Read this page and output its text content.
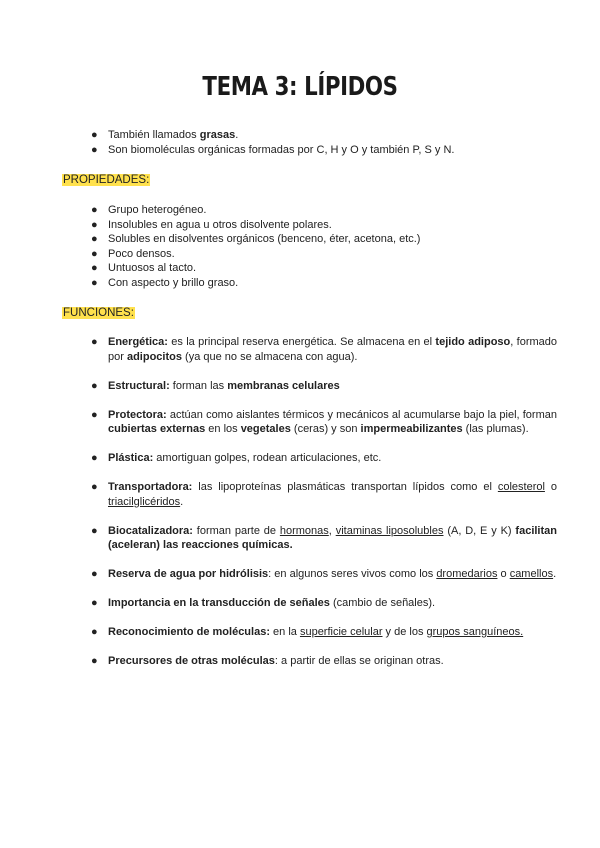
TEMA 3: LÍPIDOS
● También llamados grasas.
● Son biomoléculas orgánicas formadas por C, H y O y también P, S y N.
PROPIEDADES:
● Grupo heterogéneo.
● Insolubles en agua u otros disolvente polares.
● Solubles en disolventes orgánicos (benceno, éter, acetona, etc.)
● Poco densos.
● Untuosos al tacto.
● Con aspecto y brillo graso.
FUNCIONES:
● Energética: es la principal reserva energética. Se almacena en el tejido adiposo, formado por adipocitos (ya que no se almacena con agua).
● Estructural: forman las membranas celulares
● Protectora: actúan como aislantes térmicos y mecánicos al acumularse bajo la piel, forman cubiertas externas en los vegetales (ceras) y son impermeabilizantes (las plumas).
● Plástica: amortiguan golpes, rodean articulaciones, etc.
● Transportadora: las lipoproteínas plasmáticas transportan lípidos como el colesterol o triacilglicéridos.
● Biocatalizadora: forman parte de hormonas, vitaminas liposolubles (A, D, E y K) facilitan (aceleran) las reacciones químicas.
● Reserva de agua por hidrólisis: en algunos seres vivos como los dromedarios o camellos.
● Importancia en la transducción de señales (cambio de señales).
● Reconocimiento de moléculas: en la superficie celular y de los grupos sanguíneos.
● Precursores de otras moléculas: a partir de ellas se originan otras.
